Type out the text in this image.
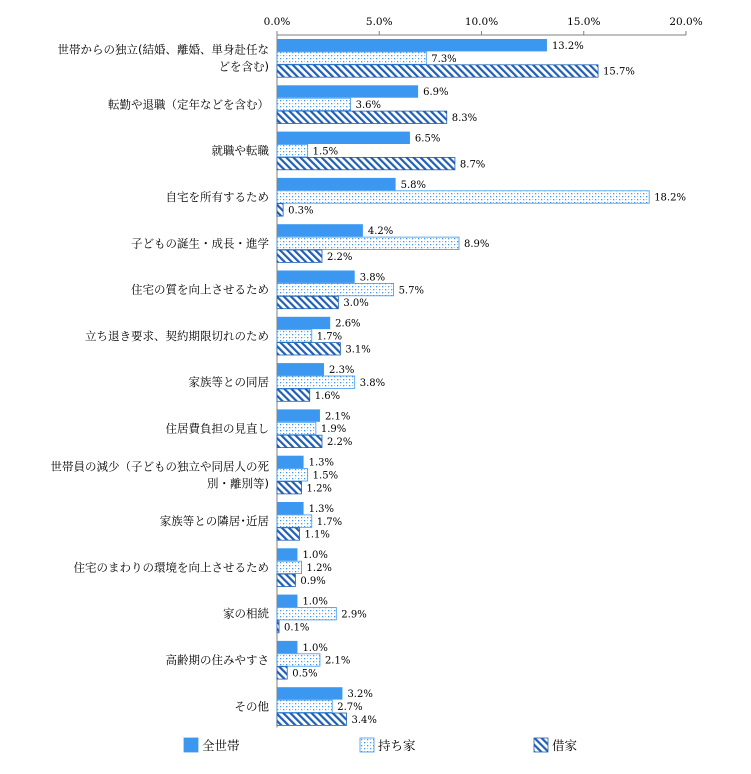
0.0%	5.0%	10.0%	15.0%	20.0%
13.2%
7.3%
15.7%
6.9%
3.6%
8.3%
6.5%
1.5%
8.7%
5.8%
18.2%
0.3%
4.2%
8.9%
2.2%
3.8%
5.7%
3.0%
2.6%
1.7%
3.1%
2.3%
3.8%
1.6%
2.1%
1.9%
2.2%
1.3%
1.5%
1.2%
1.3%
1.7%
1.1%
1.0%
1.2%
0.9%
1.0%
2.9%
0.1%
1.0%
2.1%
0.5%
3.2%
2.7%
3.4%
世帯からの独立(結婚、離婚、単身赴任な
どを含む)
転勤や退職（定年などを含む）
就職や転職
自宅を所有するため
子どもの誕生・成長・進学
住宅の質を向上させるため
立ち退き要求、契約期限切れのため
家族等との同居
住居費負担の見直し
世帯員の減少（子どもの独立や同居人の死
別・離別等)
家族等との隣居･近居
住宅のまわりの環境を向上させるため
家の相続
高齢期の住みやすさ
その他
全世帯	持ち家	借家
